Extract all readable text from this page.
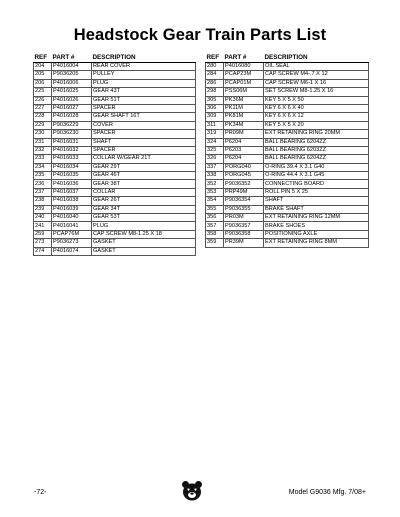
Headstock Gear Train Parts List
REF	PART #	DESCRIPTION
204	P4016004	REAR COVER
205	P9036205	PULLEY
206	P4016006	PLUG
225	P4016025	GEAR 43T
226	P4016026	GEAR 51T
227	P4016027	SPACER
228	P4016028	GEAR SHAFT 16T
229	P9036229	COVER
230	P9036230	SPACER
231	P4016031	SHAFT
232	P4016032	SPACER
233	P4016033	COLLAR W/GEAR 21T
234	P4016034	GEAR 29T
235	P4016035	GEAR 46T
236	P4016036	GEAR 38T
237	P4016037	COLLAR
238	P4016038	GEAR 26T
239	P4016039	GEAR 34T
240	P4016040	GEAR 53T
241	P4016041	PLUG
259	PCAP76M	CAP SCREW M8-1.25 X 18
273	P9036273	GASKET
274	P4016074	GASKET
REF	PART #	DESCRIPTION
280	P4016080	OIL SEAL
284	PCAP23M	CAP SCREW M4-.7 X 12
286	PCAP01M	CAP SCREW M6-1 X 16
298	PSS06M	SET SCREW M8-1.25 X 16
305	PK36M	KEY 5 X 5 X 50
306	PK11M	KEY 6 X 6 X 40
309	PK81M	KEY 6 X 6 X 12
311	PK34M	KEY 5 X 5 X 20
319	PR09M	EXT RETAINING RING 20MM
324	P6204	BALL BEARING 6204ZZ
325	P6203	BALL BEARING 6203ZZ
326	P6204	BALL BEARING 6204ZZ
337	PORG040	O-RING 39.4 X 3.1 G40
338	PORG045	O-RING 44.4 X 3.1 G45
352	P9036352	CONNECTING BOARD
353	PRP49M	ROLL PIN 5 X 25
354	P9036354	SHAFT
355	P9036355	BRAKE SHAFT
356	PR03M	EXT RETAINING RING 12MM
357	P9036357	BRAKE SHOES
358	P9036358	POSITIONING AXLE
359	PR39M	EXT RETAINING RING 8MM
-72-	Model G9036 Mfg. 7/08+
